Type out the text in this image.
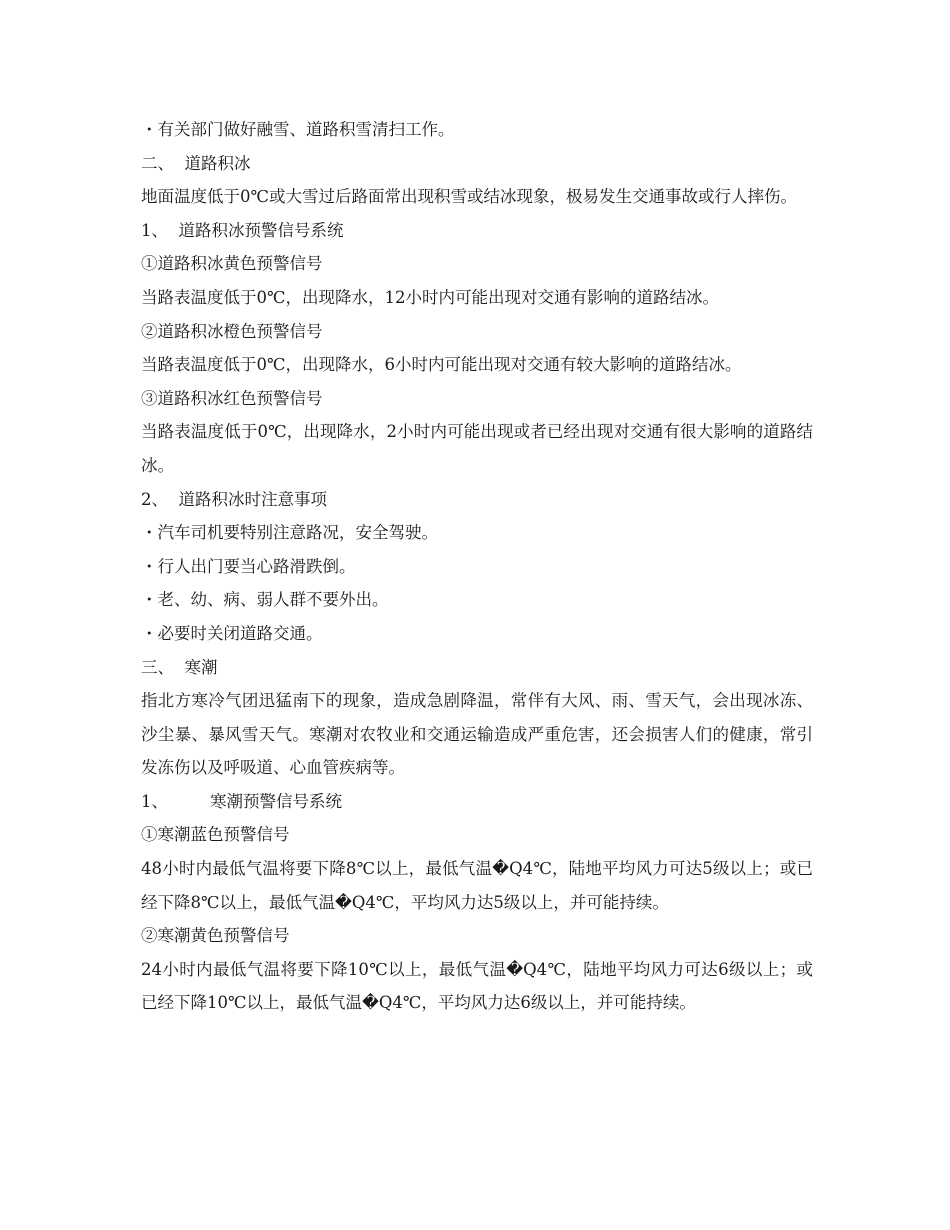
・有关部门做好融雪、道路积雪清扫工作。
二、  道路积冰
地面温度低于0℃或大雪过后路面常出现积雪或结冰现象，极易发生交通事故或行人摔伤。
1、  道路积冰预警信号系统
①道路积冰黄色预警信号
当路表温度低于0℃，出现降水，12小时内可能出现对交通有影响的道路结冰。
②道路积冰橙色预警信号
当路表温度低于0℃，出现降水，6小时内可能出现对交通有较大影响的道路结冰。
③道路积冰红色预警信号
当路表温度低于0℃，出现降水，2小时内可能出现或者已经出现对交通有很大影响的道路结冰。
2、  道路积冰时注意事项
・汽车司机要特别注意路况，安全驾驶。
・行人出门要当心路滑跌倒。
・老、幼、病、弱人群不要外出。
・必要时关闭道路交通。
三、  寒潮
指北方寒冷气团迅猛南下的现象，造成急剧降温，常伴有大风、雨、雪天气，会出现冰冻、沙尘暴、暴风雪天气。寒潮对农牧业和交通运输造成严重危害，还会损害人们的健康，常引发冻伤以及呼吸道、心血管疾病等。
1、        寒潮预警信号系统
①寒潮蓝色预警信号
48小时内最低气温将要下降8℃以上，最低气温�Q4℃，陆地平均风力可达5级以上；或已经下降8℃以上，最低气温�Q4℃，平均风力达5级以上，并可能持续。
②寒潮黄色预警信号
24小时内最低气温将要下降10℃以上，最低气温�Q4℃，陆地平均风力可达6级以上；或已经下降10℃以上，最低气温�Q4℃，平均风力达6级以上，并可能持续。
